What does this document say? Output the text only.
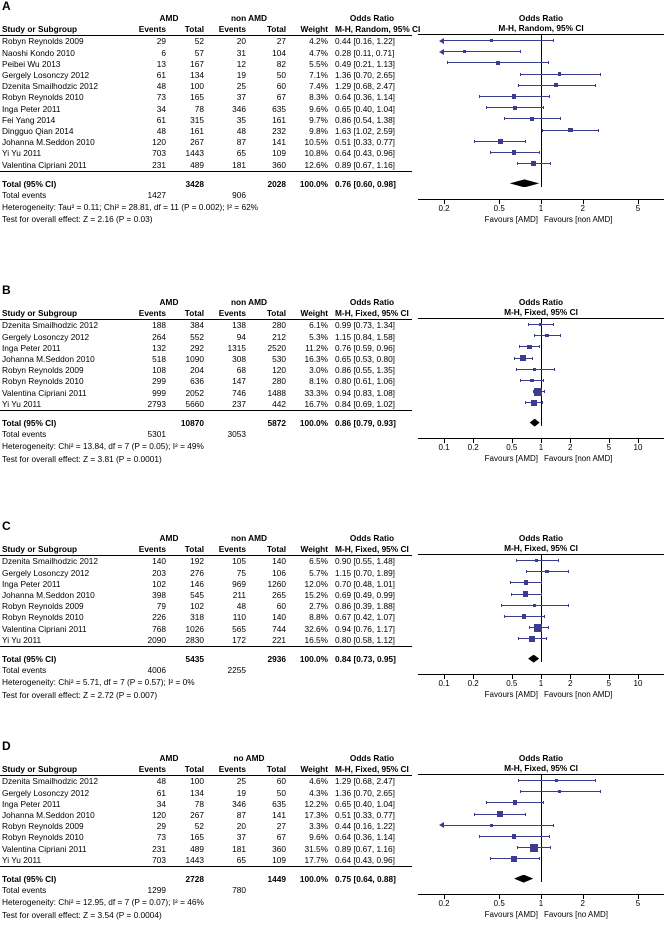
A
	AMD		non AMD			Odds Ratio
Study or Subgroup	Events	Total	Events	Total	Weight	M-H, Random, 95% CI
Robyn Reynolds 2009	29	52	20	27	4.2%	0.44 [0.16, 1.22]
Naoshi Kondo 2010	6	57	31	104	4.7%	0.28 [0.11, 0.71]
Peibei Wu 2013	13	167	12	82	5.5%	0.49 [0.21, 1.13]
Gergely Losonczy 2012	61	134	19	50	7.1%	1.36 [0.70, 2.65]
Dzenita Smailhodzic 2012	48	100	25	60	7.4%	1.29 [0.68, 2.47]
Robyn Reynolds 2010	73	165	37	67	8.3%	0.64 [0.36, 1.14]
Inga Peter 2011	34	78	346	635	9.6%	0.65 [0.40, 1.04]
Fei Yang 2014	61	315	35	161	9.7%	0.86 [0.54, 1.38]
Dingguo Qian 2014	48	161	48	232	9.8%	1.63 [1.02, 2.59]
Johanna M.Seddon 2010	120	267	87	141	10.5%	0.51 [0.33, 0.77]
Yi Yu 2011	703	1443	65	109	10.8%	0.64 [0.43, 0.96]
Valentina Cipriani 2011	231	489	181	360	12.6%	0.89 [0.67, 1.16]
Total (95% CI)		3428		2028	100.0%	0.76 [0.60, 0.98]
Total events	1427		906			
Heterogeneity: Tau² = 0.11; Chi² = 28.81, df = 11 (P = 0.002); I² = 62%						
Test for overall effect: Z = 2.16 (P = 0.03)						
Odds Ratio
M-H, Random, 95% CI
0.2	0.5	1	2	5
Favours [AMD] Favours [non AMD]
B
	AMD		non AMD			Odds Ratio
Study or Subgroup	Events	Total	Events	Total	Weight	M-H, Fixed, 95% CI
Dzenita Smailhodzic 2012	188	384	138	280	6.1%	0.99 [0.73, 1.34]
Gergely Losonczy 2012	264	552	94	212	5.3%	1.15 [0.84, 1.58]
Inga Peter 2011	132	292	1315	2520	11.2%	0.76 [0.59, 0.96]
Johanna M.Seddon 2010	518	1090	308	530	16.3%	0.65 [0.53, 0.80]
Robyn Reynolds 2009	108	204	68	120	3.0%	0.86 [0.55, 1.35]
Robyn Reynolds 2010	299	636	147	280	8.1%	0.80 [0.61, 1.06]
Valentina Cipriani 2011	999	2052	746	1488	33.3%	0.94 [0.83, 1.08]
Yi Yu 2011	2793	5660	237	442	16.7%	0.84 [0.69, 1.02]
Total (95% CI)		10870		5872	100.0%	0.86 [0.79, 0.93]
Total events	5301		3053			
Heterogeneity: Chi² = 13.84, df = 7 (P = 0.05); I² = 49%						
Test for overall effect: Z = 3.81 (P = 0.0001)						
Odds Ratio
M-H, Fixed, 95% CI
0.1 0.2	0.5	1	2	5	10
Favours [AMD] Favours [non AMD]
C
	AMD		non AMD			Odds Ratio
Study or Subgroup	Events	Total	Events	Total	Weight	M-H, Fixed, 95% CI
Dzenita Smailhodzic 2012	140	192	105	140	6.5%	0.90 [0.55, 1.48]
Gergely Losonczy 2012	203	276	75	106	5.7%	1.15 [0.70, 1.89]
Inga Peter 2011	102	146	969	1260	12.0%	0.70 [0.48, 1.01]
Johanna M.Seddon 2010	398	545	211	265	15.2%	0.69 [0.49, 0.99]
Robyn Reynolds 2009	79	102	48	60	2.7%	0.86 [0.39, 1.88]
Robyn Reynolds 2010	226	318	110	140	8.8%	0.67 [0.42, 1.07]
Valentina Cipriani 2011	768	1026	565	744	32.6%	0.94 [0.76, 1.17]
Yi Yu 2011	2090	2830	172	221	16.5%	0.80 [0.58, 1.12]
Total (95% CI)		5435		2936	100.0%	0.84 [0.73, 0.95]
Total events	4006		2255			
Heterogeneity: Chi² = 5.71, df = 7 (P = 0.57); I² = 0%						
Test for overall effect: Z = 2.72 (P = 0.007)						
Odds Ratio
M-H, Fixed, 95% CI
0.1 0.2	0.5	1	2	5	10
Favours [AMD] Favours [non AMD]
D
	AMD		no AMD			Odds Ratio
Study or Subgroup	Events	Total	Events	Total	Weight	M-H, Fixed, 95% CI
Dzenita Smailhodzic 2012	48	100	25	60	4.6%	1.29 [0.68, 2.47]
Gergely Losonczy 2012	61	134	19	50	4.3%	1.36 [0.70, 2.65]
Inga Peter 2011	34	78	346	635	12.2%	0.65 [0.40, 1.04]
Johanna M.Seddon 2010	120	267	87	141	17.3%	0.51 [0.33, 0.77]
Robyn Reynolds 2009	29	52	20	27	3.3%	0.44 [0.16, 1.22]
Robyn Reynolds 2010	73	165	37	67	9.6%	0.64 [0.36, 1.14]
Valentina Cipriani 2011	231	489	181	360	31.5%	0.89 [0.67, 1.16]
Yi Yu 2011	703	1443	65	109	17.7%	0.64 [0.43, 0.96]
Total (95% CI)		2728		1449	100.0%	0.75 [0.64, 0.88]
Total events	1299		780			
Heterogeneity: Chi² = 12.95, df = 7 (P = 0.07); I² = 46%						
Test for overall effect: Z = 3.54 (P = 0.0004)						
Odds Ratio
M-H, Fixed, 95% CI
0.2	0.5	1	2	5
Favours [AMD] Favours [no AMD]
